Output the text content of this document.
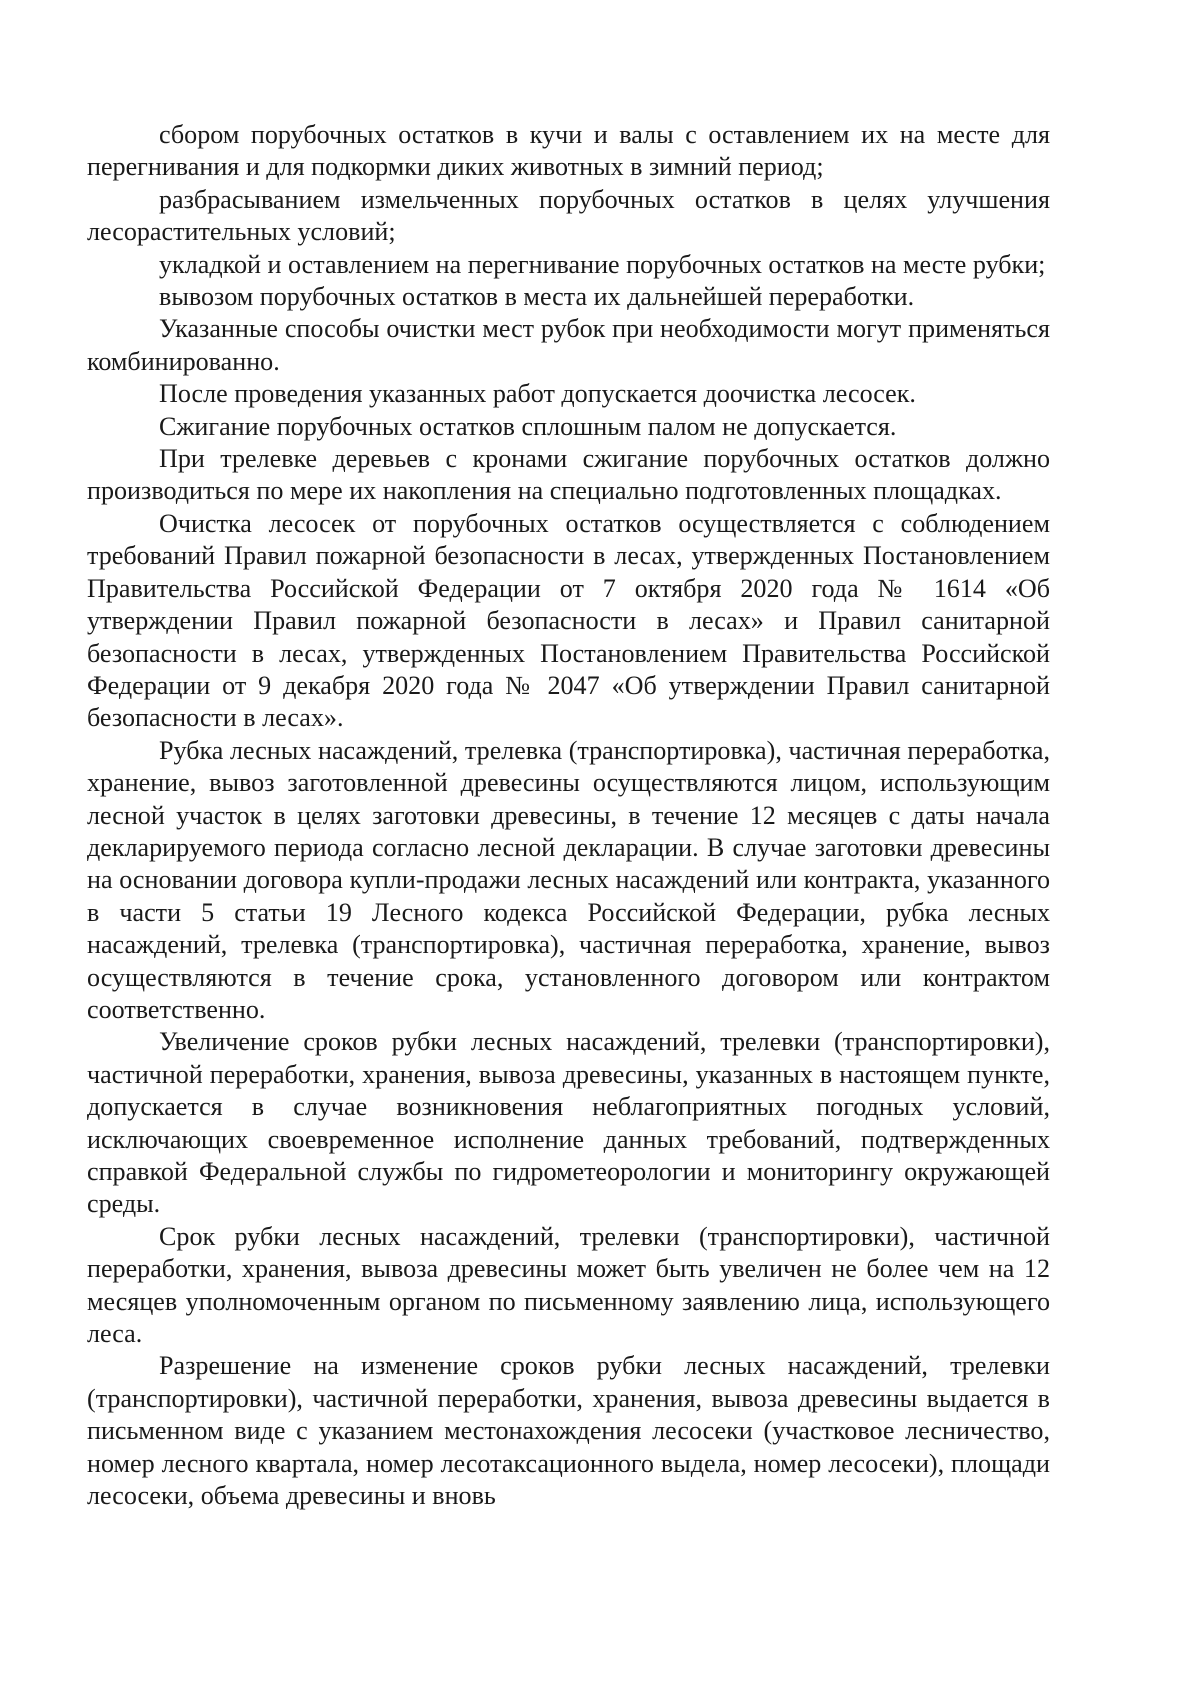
сбором порубочных остатков в кучи и валы с оставлением их на месте для перегнивания и для подкормки диких животных в зимний период;

разбрасыванием измельченных порубочных остатков в целях улучшения лесорастительных условий;

укладкой и оставлением на перегнивание порубочных остатков на месте рубки;

вывозом порубочных остатков в места их дальнейшей переработки.

Указанные способы очистки мест рубок при необходимости могут применяться комбинированно.

После проведения указанных работ допускается доочистка лесосек.

Сжигание порубочных остатков сплошным палом не допускается.

При трелевке деревьев с кронами сжигание порубочных остатков должно производиться по мере их накопления на специально подготовленных площадках.

Очистка лесосек от порубочных остатков осуществляется с соблюдением требований Правил пожарной безопасности в лесах, утвержденных Постановлением Правительства Российской Федерации от 7 октября 2020 года № 1614 «Об утверждении Правил пожарной безопасности в лесах» и Правил санитарной безопасности в лесах, утвержденных Постановлением Правительства Российской Федерации от 9 декабря 2020 года № 2047 «Об утверждении Правил санитарной безопасности в лесах».

Рубка лесных насаждений, трелевка (транспортировка), частичная переработка, хранение, вывоз заготовленной древесины осуществляются лицом, использующим лесной участок в целях заготовки древесины, в течение 12 месяцев с даты начала декларируемого периода согласно лесной декларации. В случае заготовки древесины на основании договора купли-продажи лесных насаждений или контракта, указанного в части 5 статьи 19 Лесного кодекса Российской Федерации, рубка лесных насаждений, трелевка (транспортировка), частичная переработка, хранение, вывоз осуществляются в течение срока, установленного договором или контрактом соответственно.

Увеличение сроков рубки лесных насаждений, трелевки (транспортировки), частичной переработки, хранения, вывоза древесины, указанных в настоящем пункте, допускается в случае возникновения неблагоприятных погодных условий, исключающих своевременное исполнение данных требований, подтвержденных справкой Федеральной службы по гидрометеорологии и мониторингу окружающей среды.

Срок рубки лесных насаждений, трелевки (транспортировки), частичной переработки, хранения, вывоза древесины может быть увеличен не более чем на 12 месяцев уполномоченным органом по письменному заявлению лица, использующего леса.

Разрешение на изменение сроков рубки лесных насаждений, трелевки (транспортировки), частичной переработки, хранения, вывоза древесины выдается в письменном виде с указанием местонахождения лесосеки (участковое лесничество, номер лесного квартала, номер лесотаксационного выдела, номер лесосеки), площади лесосеки, объема древесины и вновь
